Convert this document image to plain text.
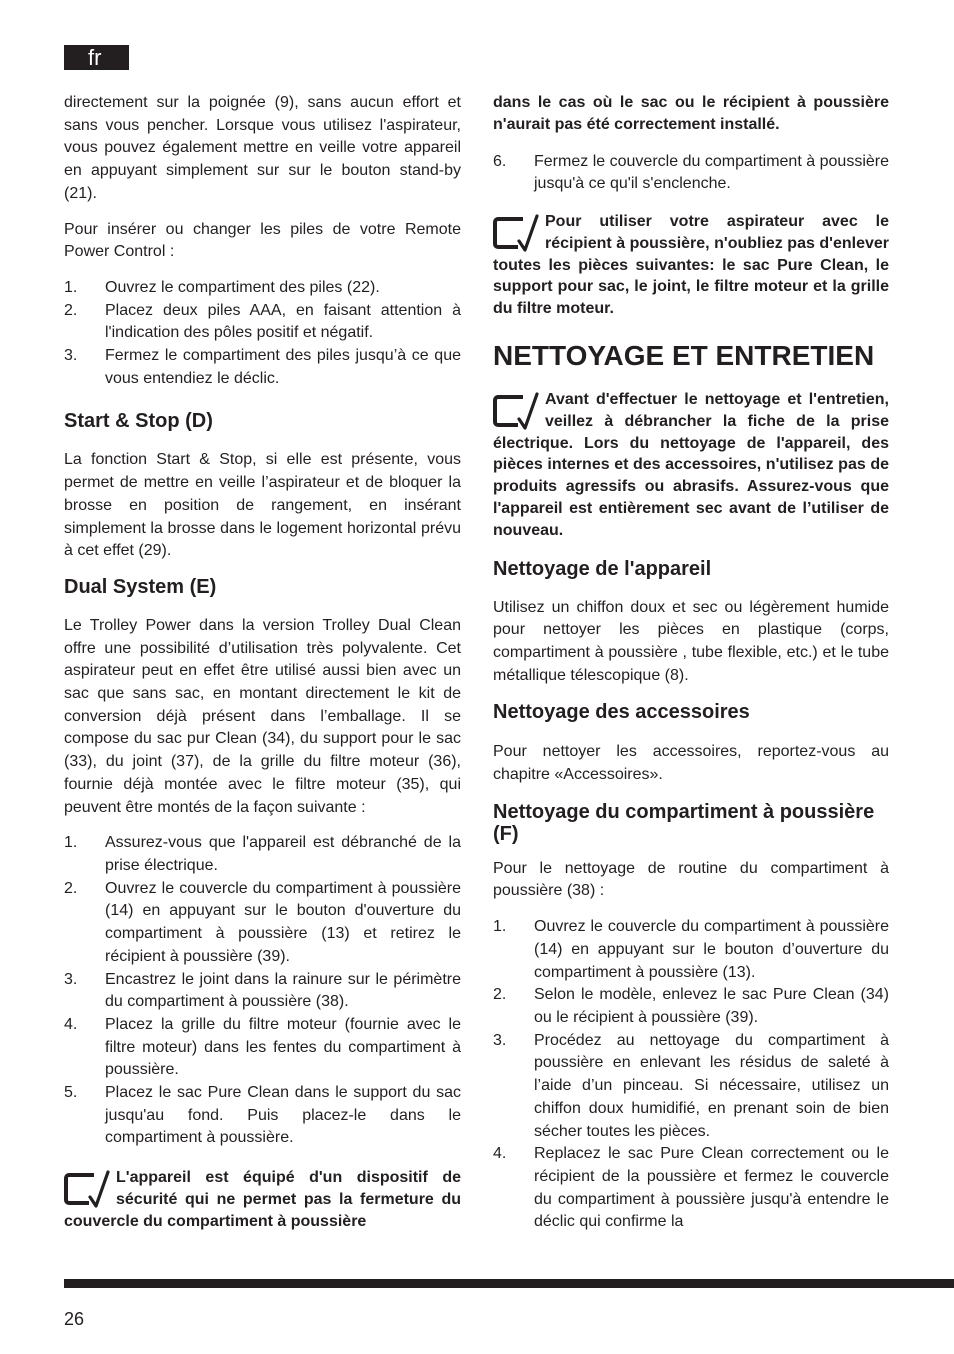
fr

directement sur la poignée (9), sans aucun effort et sans vous pencher. Lorsque vous utilisez l'aspirateur, vous pouvez également mettre en veille votre appareil en appuyant simplement sur sur le bouton stand-by (21).

Pour insérer ou changer les piles de votre Remote Power Control :

1. Ouvrez le compartiment des piles (22).
2. Placez deux piles AAA, en faisant attention à l'indication des pôles positif et négatif.
3. Fermez le compartiment des piles jusqu’à ce que vous entendiez le déclic.
Start & Stop (D)

La fonction Start & Stop, si elle est présente, vous permet de mettre en veille l’aspirateur et de bloquer la brosse en position de rangement, en insérant simplement la brosse dans le logement horizontal prévu à cet effet (29).

Dual System (E)

Le Trolley Power dans la version Trolley Dual Clean offre une possibilité d’utilisation très polyvalente. Cet aspirateur peut en effet être utilisé aussi bien avec un sac que sans sac, en montant directement le kit de conversion déjà présent dans l’emballage. Il se compose du sac pur Clean (34), du support pour le sac (33), du joint (37), de la grille du filtre moteur (36), fournie déjà montée avec le filtre moteur (35), qui peuvent être montés de la façon suivante :

1. Assurez-vous que l'appareil est débranché de la prise électrique.
2. Ouvrez le couvercle du compartiment à poussière (14) en appuyant sur le bouton d'ouverture du compartiment à poussière (13) et retirez le récipient à poussière (39).
3. Encastrez le joint dans la rainure sur le périmètre du compartiment à poussière (38).
4. Placez la grille du filtre moteur (fournie avec le filtre moteur) dans les fentes du compartiment à poussière.
5. Placez le sac Pure Clean dans le support du sac jusqu'au fond. Puis placez-le dans le compartiment à poussière.
L'appareil est équipé d'un dispositif de sécurité qui ne permet pas la fermeture du couvercle du compartiment à poussière

dans le cas où le sac ou le récipient à poussière n'aurait pas été correctement installé.

6. Fermez le couvercle du compartiment à poussière jusqu'à ce qu'il s'enclenche.
Pour utiliser votre aspirateur avec le récipient à poussière, n'oubliez pas d'enlever toutes les pièces suivantes: le sac Pure Clean, le support pour sac, le joint, le filtre moteur et la grille du filtre moteur.
NETTOYAGE ET ENTRETIEN
Avant d'effectuer le nettoyage et l'entretien, veillez à débrancher la fiche de la prise électrique. Lors du nettoyage de l'appareil, des pièces internes et des accessoires, n'utilisez pas de produits agressifs ou abrasifs. Assurez-vous que l'appareil est entièrement sec avant de l’utiliser de nouveau.
Nettoyage de l'appareil

Utilisez un chiffon doux et sec ou légèrement humide pour nettoyer les pièces en plastique (corps, compartiment à poussière , tube flexible, etc.) et le tube métallique télescopique (8).

Nettoyage des accessoires

Pour nettoyer les accessoires, reportez-vous au chapitre «Accessoires».

Nettoyage du compartiment à poussière (F)

Pour le nettoyage de routine du compartiment à poussière (38) :

1. Ouvrez le couvercle du compartiment à poussière (14) en appuyant sur le bouton d’ouverture du compartiment à poussière (13).
2. Selon le modèle, enlevez le sac Pure Clean (34) ou le récipient à poussière (39).
3. Procédez au nettoyage du compartiment à poussière en enlevant les résidus de saleté à l’aide d’un pinceau. Si nécessaire, utilisez un chiffon doux humidifié, en prenant soin de bien sécher toutes les pièces.
4. Replacez le sac Pure Clean correctement ou le récipient de la poussière et fermez le couvercle du compartiment à poussière jusqu'à entendre le déclic qui confirme la
26
